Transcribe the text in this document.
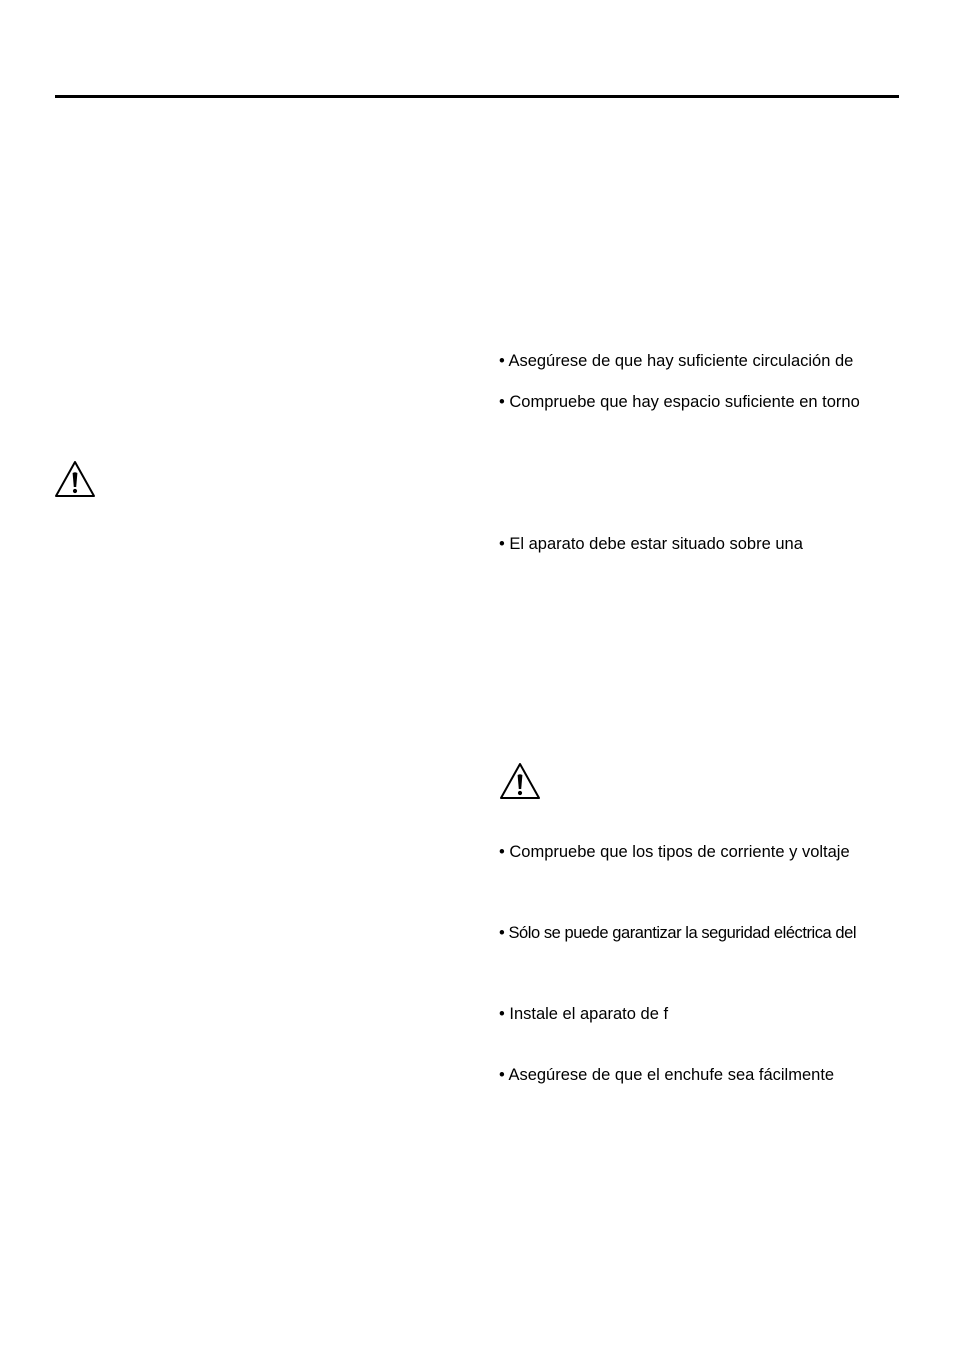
• Asegúrese de que hay suficiente circulación de
• Compruebe que hay espacio suficiente en torno
• El aparato debe estar situado sobre una
• Compruebe que los tipos de corriente y voltaje
• Sólo se puede garantizar la seguridad eléctrica del
• Instale el aparato de f
• Asegúrese de que el enchufe sea fácilmente
